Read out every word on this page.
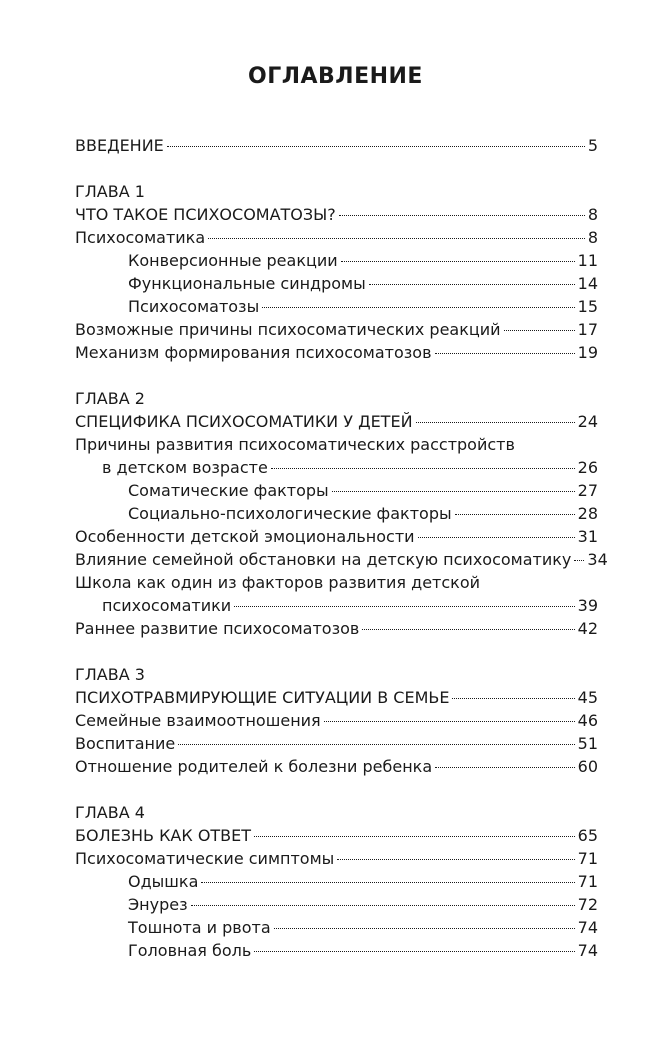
ОГЛАВЛЕНИЕ
ВВЕДЕНИЕ	5
ГЛАВА 1
ЧТО ТАКОЕ ПСИХОСОМАТОЗЫ?	8
Психосоматика	8
Конверсионные реакции	11
Функциональные синдромы	14
Психосоматозы	15
Возможные причины психосоматических реакций	17
Механизм формирования психосоматозов	19
ГЛАВА 2
СПЕЦИФИКА ПСИХОСОМАТИКИ У ДЕТЕЙ	24
Причины развития психосоматических расстройств
в детском возрасте	26
Соматические факторы	27
Социально-психологические факторы	28
Особенности детской эмоциональности	31
Влияние семейной обстановки на детскую психосоматику 34
Школа как один из факторов развития детской
психосоматики	39
Раннее развитие психосоматозов	42
ГЛАВА 3
ПСИХОТРАВМИРУЮЩИЕ СИТУАЦИИ В СЕМЬЕ	45
Семейные взаимоотношения	46
Воспитание	51
Отношение родителей к болезни ребенка	60
ГЛАВА 4
БОЛЕЗНЬ КАК ОТВЕТ	65
Психосоматические симптомы	71
Одышка	71
Энурез	72
Тошнота и рвота	74
Головная боль	74
